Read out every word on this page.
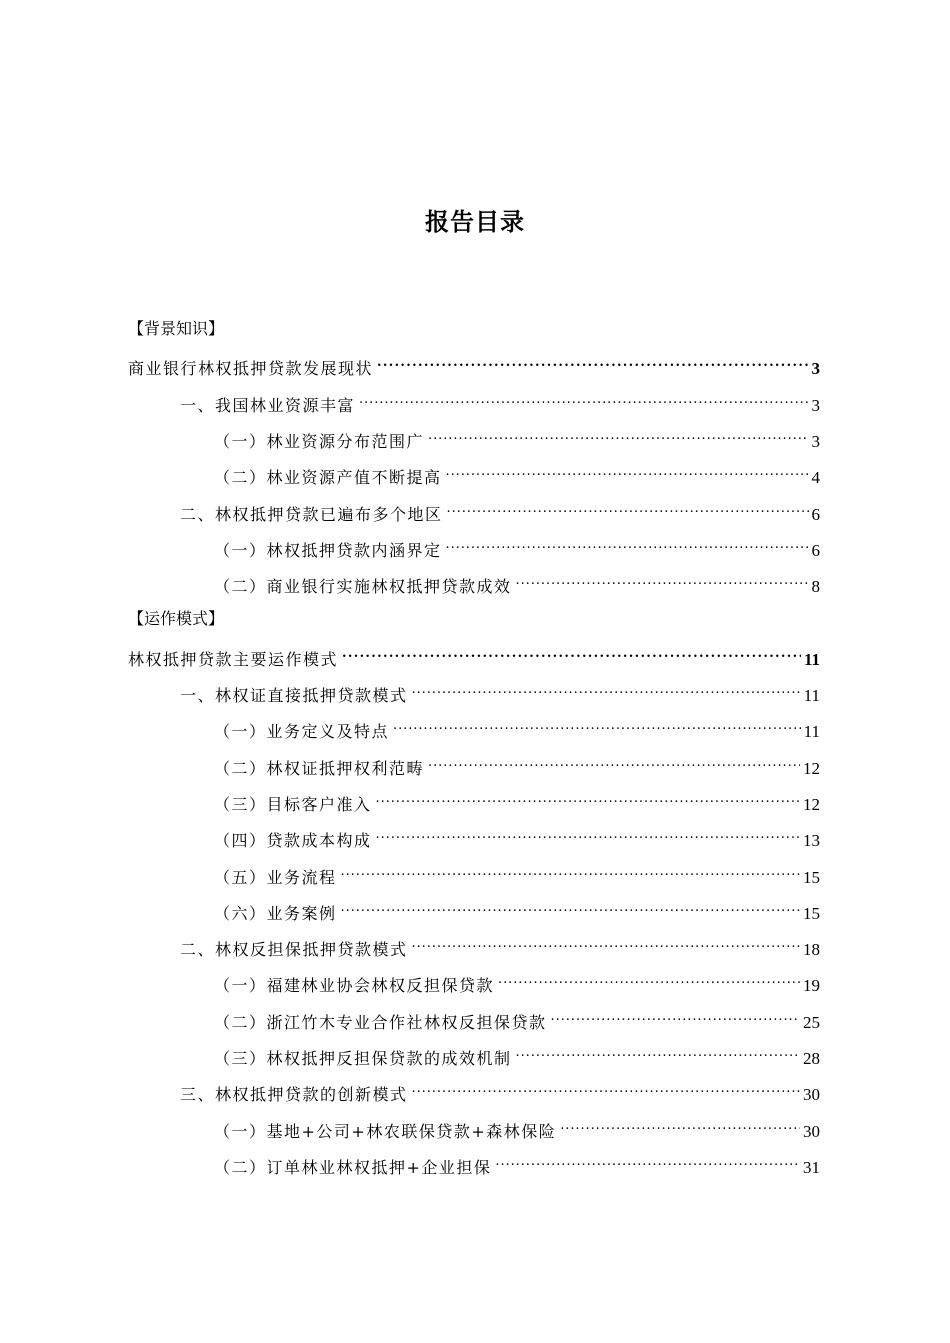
报告目录
【背景知识】
商业银行林权抵押贷款发展现状 . . .	3
一、我国林业资源丰富 . . .	3
（一）林业资源分布范围广 . . .	3
（二）林业资源产值不断提高 . . .	4
二、林权抵押贷款已遍布多个地区 . . .	6
（一）林权抵押贷款内涵界定 . . .	6
（二）商业银行实施林权抵押贷款成效 . . .	8
【运作模式】
林权抵押贷款主要运作模式 . . .	11
一、林权证直接抵押贷款模式 . . .	11
（一）业务定义及特点 . . .	11
（二）林权证抵押权利范畴 . . .	12
（三）目标客户准入 . . .	12
（四）贷款成本构成 . . .	13
（五）业务流程 . . .	15
（六）业务案例 . . .	15
二、林权反担保抵押贷款模式 . . .	18
（一）福建林业协会林权反担保贷款 . . .	19
（二）浙江竹木专业合作社林权反担保贷款 . . .	25
（三）林权抵押反担保贷款的成效机制 . . .	28
三、林权抵押贷款的创新模式 . . .	30
（一）基地+公司+林农联保贷款+森林保险 . . .	30
（二）订单林业林权抵押+企业担保 . . .	31
